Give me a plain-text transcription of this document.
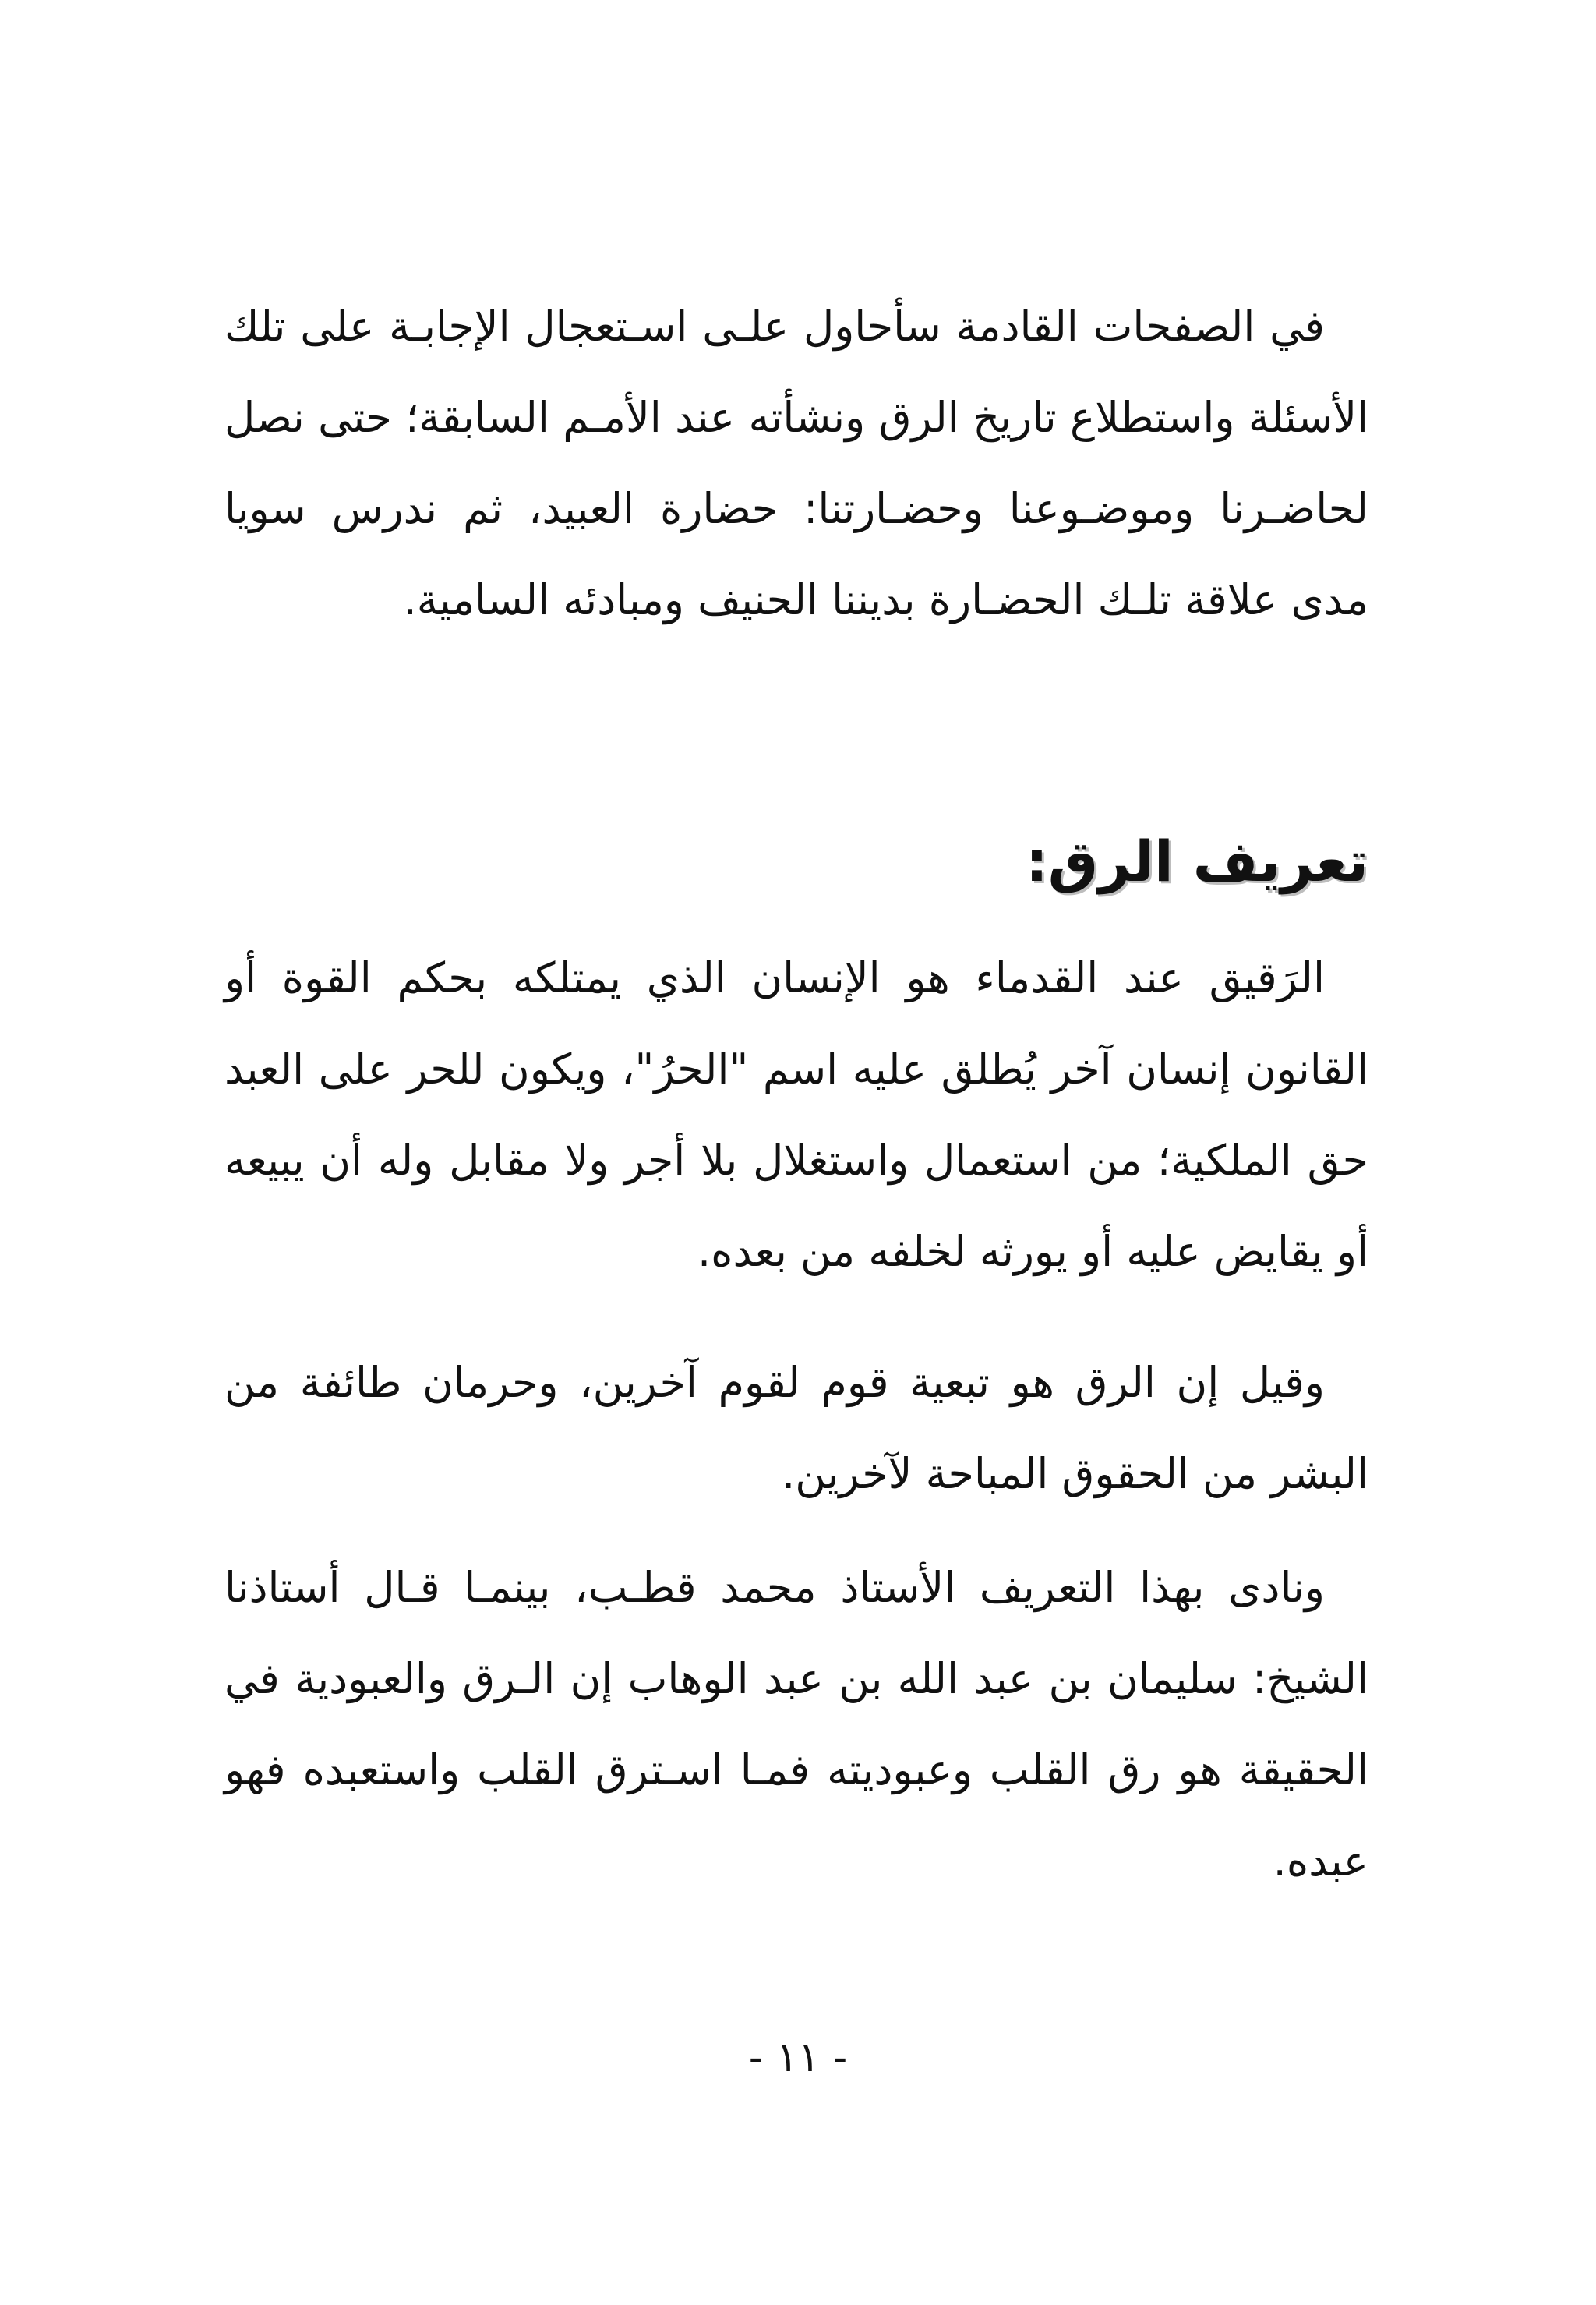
في الصفحات القادمة سأحاول علـى اسـتعجال الإجابـة على تلك الأسئلة واستطلاع تاريخ الرق ونشأته عند الأمـم السابقة؛ حتى نصل لحاضـرنا وموضـوعنا وحضـارتنا: حضارة العبيد، ثم ندرس سويا مدى علاقة تلـك الحضـارة بديننا الحنيف ومبادئه السامية.

تعريف الرق:

الرَقيق عند القدماء هو الإنسان الذي يمتلكه بحكم القوة أو القانون إنسان آخر يُطلق عليه اسم "الحرُ"، ويكون للحر على العبد حق الملكية؛ من استعمال واستغلال بلا أجر ولا مقابل وله أن يبيعه أو يقايض عليه أو يورثه لخلفه من بعده.

وقيل إن الرق هو تبعية قوم لقوم آخرين، وحرمان طائفة من البشر من الحقوق المباحة لآخرين.

ونادى بهذا التعريف الأستاذ محمد قطـب، بينمـا قـال أستاذنا الشيخ: سليمان بن عبد الله بن عبد الوهاب إن الـرق والعبودية في الحقيقة هو رق القلب وعبوديته فمـا اسـترق القلب واستعبده فهو عبده.

- ١١ -
